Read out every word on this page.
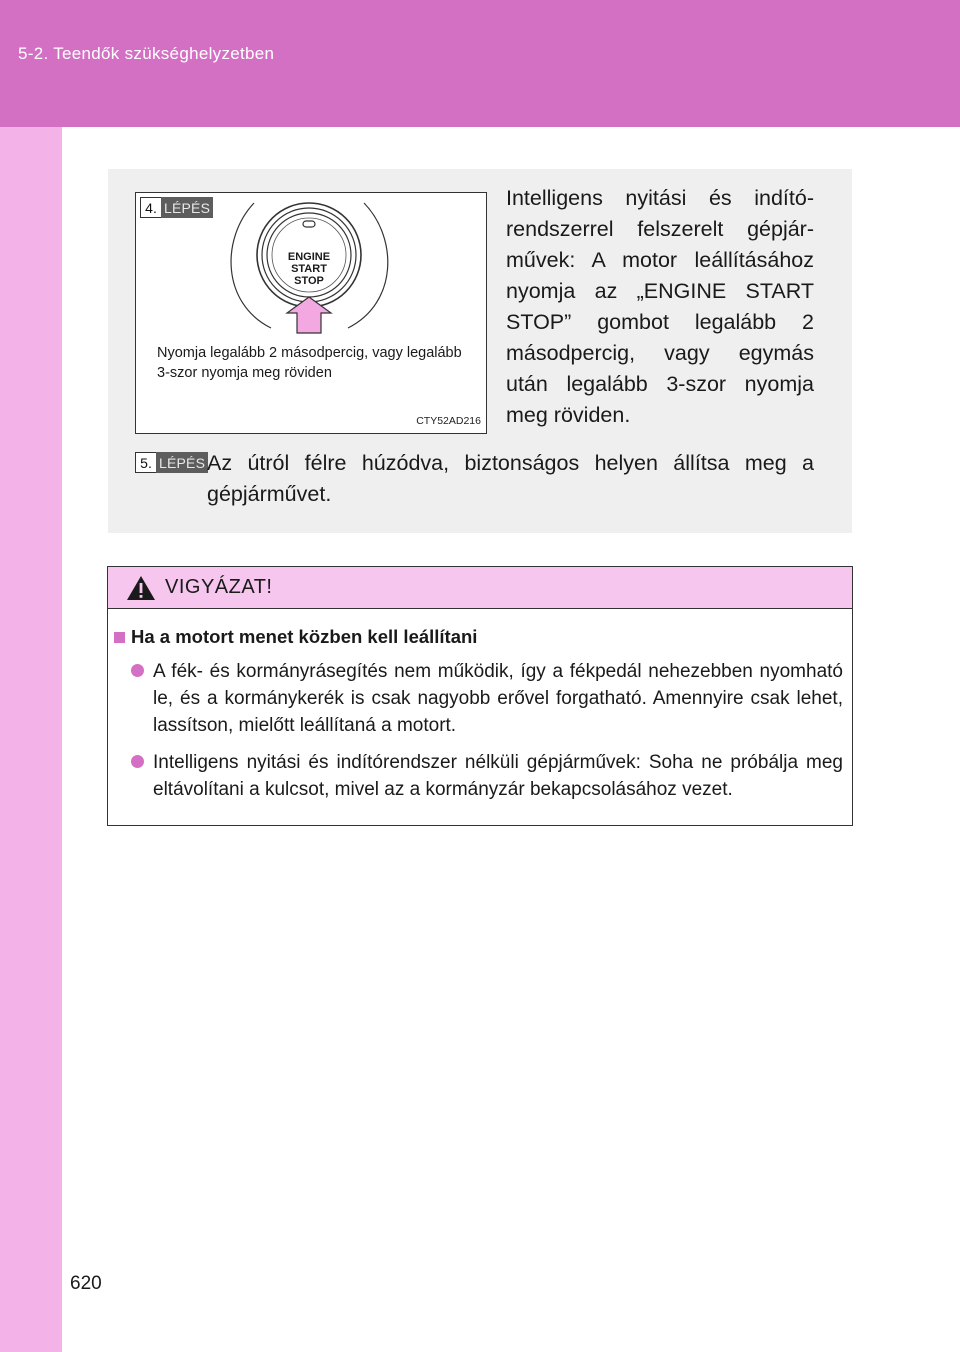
5-2. Teendők szükséghelyzetben
4. LÉPÉS
ENGINE
START
STOP
Nyomja legalább 2 másodpercig, vagy legalább 3-szor nyomja meg röviden
CTY52AD216
Intelligens nyitási és indító-rendszerrel felszerelt gépjár-művek: A motor leállításához nyomja az „ENGINE START STOP” gombot legalább 2 másodpercig, vagy egymás után legalább 3-szor nyomja meg röviden.
5. LÉPÉS Az útról félre húzódva, biztonságos helyen állítsa meg a gépjárművet.
VIGYÁZAT!
Ha a motort menet közben kell leállítani
A fék- és kormányrásegítés nem működik, így a fékpedál nehezebben nyomható le, és a kormánykerék is csak nagyobb erővel forgatható. Amennyire csak lehet, lassítson, mielőtt leállítaná a motort.
Intelligens nyitási és indítórendszer nélküli gépjárművek: Soha ne próbálja meg eltávolítani a kulcsot, mivel az a kormányzár bekapcsolásához vezet.
620
